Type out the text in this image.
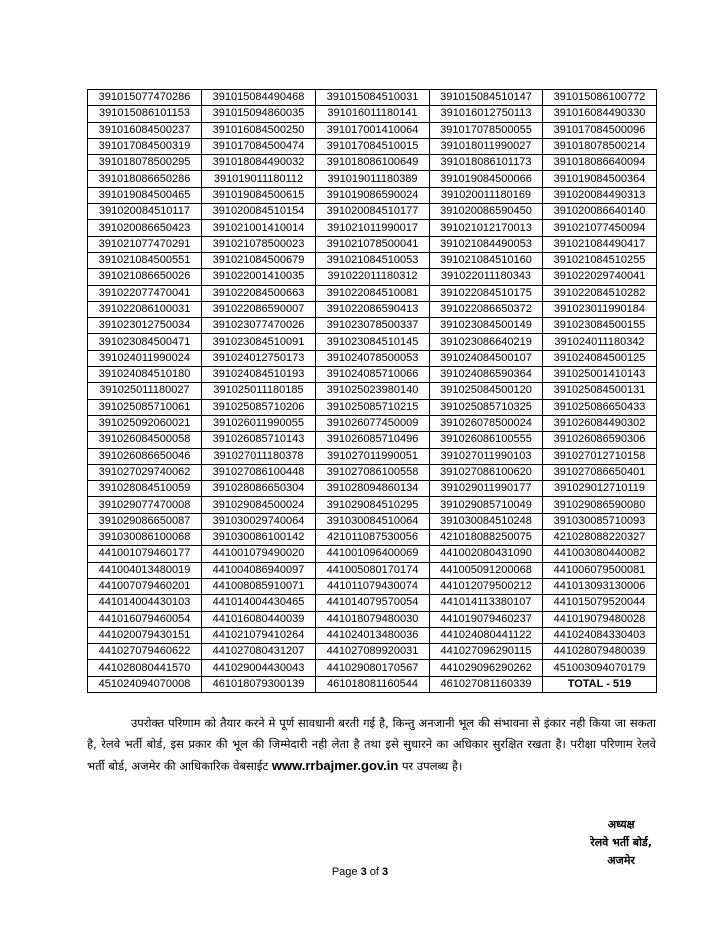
391015077470286	391015084490468	391015084510031	391015084510147	391015086100772
391015086101153	391015094860035	391016011180141	391016012750113	391016084490330
391016084500237	391016084500250	391017001410064	391017078500055	391017084500096
391017084500319	391017084500474	391017084510015	391018011990027	391018078500214
391018078500295	391018084490032	391018086100649	391018086101173	391018086640094
391018086650286	391019011180112	391019011180389	391019084500066	391019084500364
391019084500465	391019084500615	391019086590024	391020011180169	391020084490313
391020084510117	391020084510154	391020084510177	391020086590450	391020086640140
391020086650423	391021001410014	391021011990017	391021012170013	391021077450094
391021077470291	391021078500023	391021078500041	391021084490053	391021084490417
391021084500551	391021084500679	391021084510053	391021084510160	391021084510255
391021086650026	391022001410035	391022011180312	391022011180343	391022029740041
391022077470041	391022084500663	391022084510081	391022084510175	391022084510282
391022086100031	391022086590007	391022086590413	391022086650372	391023011990184
391023012750034	391023077470026	391023078500337	391023084500149	391023084500155
391023084500471	391023084510091	391023084510145	391023086640219	391024011180342
391024011990024	391024012750173	391024078500053	391024084500107	391024084500125
391024084510180	391024084510193	391024085710066	391024086590364	391025001410143
391025011180027	391025011180185	391025023980140	391025084500120	391025084500131
391025085710061	391025085710206	391025085710215	391025085710325	391025086650433
391025092060021	391026011990055	391026077450009	391026078500024	391026084490302
391026084500058	391026085710143	391026085710496	391026086100555	391026086590306
391026086650046	391027011180378	391027011990051	391027011990103	391027012710158
391027029740062	391027086100448	391027086100558	391027086100620	391027086650401
391028084510059	391028086650304	391028094860134	391029011990177	391029012710119
391029077470008	391029084500024	391029084510295	391029085710049	391029086590080
391029086650087	391030029740064	391030084510064	391030084510248	391030085710093
391030086100068	391030086100142	421011087530056	421018088250075	421028088220327
441001079460177	441001079490020	441001096400069	441002080431090	441003080440082
441004013480019	441004086940097	441005080170174	441005091200068	441006079500081
441007079460201	441008085910071	441011079430074	441012079500212	441013093130006
441014004430103	441014004430465	441014079570054	441014113380107	441015079520044
441016079460054	441016080440039	441018079480030	441019079460237	441019079480028
441020079430151	441021079410264	441024013480036	441024080441122	441024084330403
441027079460622	441027080431207	441027089920031	441027096290115	441028079480039
441028080441570	441029004430043	441029080170567	441029096290262	451003094070179
451024094070008	461018079300139	461018081160544	461027081160339	TOTAL - 519
उपरोक्त परिणाम को तैयार करने मे पूर्ण सावधानी बरती गई है, किन्तु अनजानी भूल की संभावना से इंकार नही किया जा सकता है, रेलवे भर्ती बोर्ड, इस प्रकार की भूल की जिम्मेदारी नही लेता है तथा इसे सुधारने का अधिकार सुरक्षित रखता है। परीक्षा परिणाम रेलवे भर्ती बोर्ड, अजमेर की आधिकारिक वेबसाईट www.rrbajmer.gov.in पर उपलब्ध है।
अध्यक्ष
रेलवे भर्ती बोर्ड,
अजमेर
Page 3 of 3
